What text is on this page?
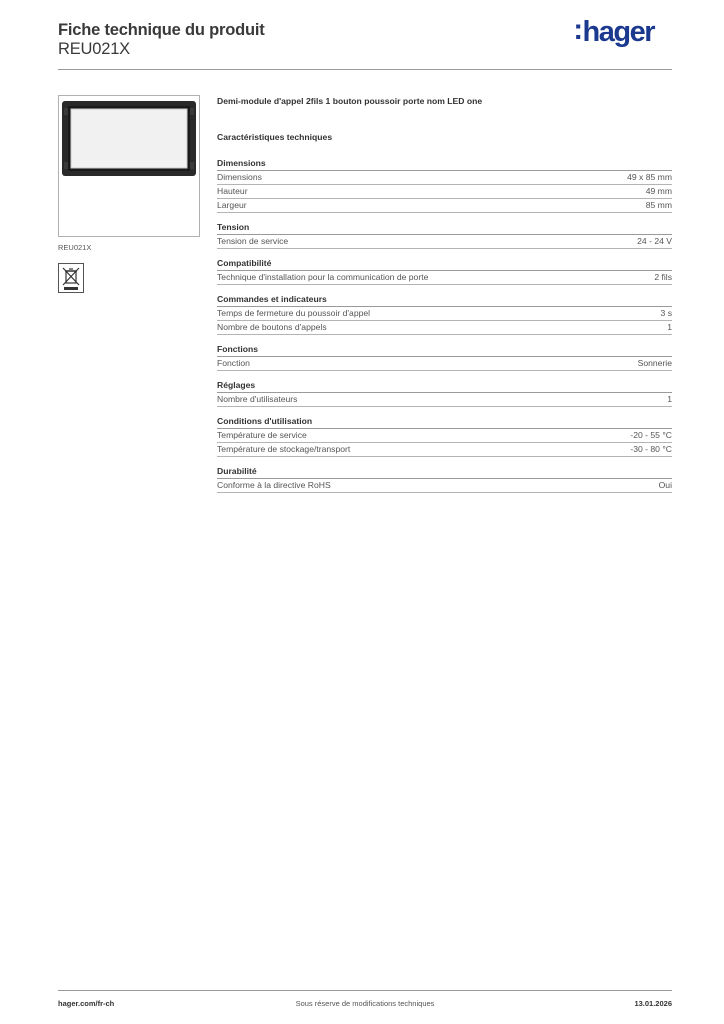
Fiche technique du produit
REU021X
:hager
REU021X
Demi-module d'appel 2fils 1 bouton poussoir porte nom LED one
Caractéristiques techniques
Dimensions
Dimensions	49 x 85 mm
Hauteur	49 mm
Largeur	85 mm
Tension
Tension de service	24 - 24 V
Compatibilité
Technique d'installation pour la communication de porte	2 fils
Commandes et indicateurs
Temps de fermeture du poussoir d'appel	3 s
Nombre de boutons d'appels	1
Fonctions
Fonction	Sonnerie
Réglages
Nombre d'utilisateurs	1
Conditions d'utilisation
Température de service	-20 - 55 °C
Température de stockage/transport	-30 - 80 °C
Durabilité
Conforme à la directive RoHS	Oui
hager.com/fr-ch	Sous réserve de modifications techniques	13.01.2026
